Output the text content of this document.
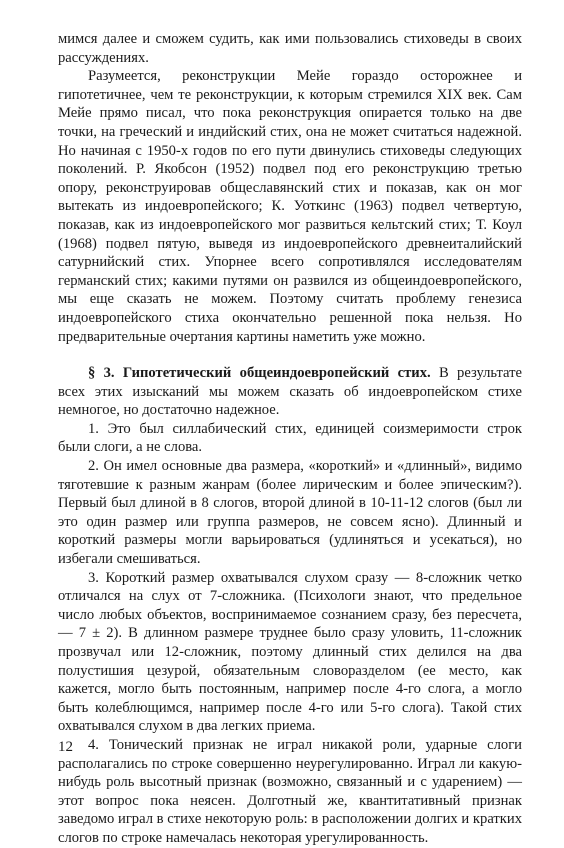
мимся далее и сможем судить, как ими пользовались стиховеды в своих рассуждениях.

Разумеется, реконструкции Мейе гораздо осторожнее и гипотетичнее, чем те реконструкции, к которым стремился XIX век. Сам Мейе прямо писал, что пока реконструкция опирается только на две точки, на греческий и индийский стих, она не может считаться надежной. Но начиная с 1950-х годов по его пути двинулись стиховеды следующих поколений. Р. Якобсон (1952) подвел под его реконструкцию третью опору, реконструировав общеславянский стих и показав, как он мог вытекать из индоевропейского; К. Уоткинс (1963) подвел четвертую, показав, как из индоевропейского мог развиться кельтский стих; Т. Коул (1968) подвел пятую, выведя из индоевропейского древнеиталийский сатурнийский стих. Упорнее всего сопротивлялся исследователям германский стих; какими путями он развился из общеиндоевропейского, мы еще сказать не можем. Поэтому считать проблему генезиса индоевропейского стиха окончательно решенной пока нельзя. Но предварительные очертания картины наметить уже можно.

§ 3. Гипотетический общеиндоевропейский стих. В результате всех этих изысканий мы можем сказать об индоевропейском стихе немногое, но достаточно надежное.

1. Это был силлабический стих, единицей соизмеримости строк были слоги, а не слова.

2. Он имел основные два размера, «короткий» и «длинный», видимо тяготевшие к разным жанрам (более лирическим и более эпическим?). Первый был длиной в 8 слогов, второй длиной в 10-11-12 слогов (был ли это один размер или группа размеров, не совсем ясно). Длинный и короткий размеры могли варьироваться (удлиняться и усекаться), но избегали смешиваться.

3. Короткий размер охватывался слухом сразу — 8-сложник четко отличался на слух от 7-сложника. (Психологи знают, что предельное число любых объектов, воспринимаемое сознанием сразу, без пересчета,— 7 ± 2). В длинном размере труднее было сразу уловить, 11-сложник прозвучал или 12-сложник, поэтому длинный стих делился на два полустишия цезурой, обязательным словоразделом (ее место, как кажется, могло быть постоянным, например после 4-го слога, а могло быть колеблющимся, например после 4-го или 5-го слога). Такой стих охватывался слухом в два легких приема.

4. Тонический признак не играл никакой роли, ударные слоги располагались по строке совершенно неурегулированно. Играл ли какую-нибудь роль высотный признак (возможно, связанный и с ударением) — этот вопрос пока неясен. Долготный же, квантитативный признак заведомо играл в стихе некоторую роль: в расположении долгих и кратких слогов по строке намечалась некоторая урегулированность.

12
